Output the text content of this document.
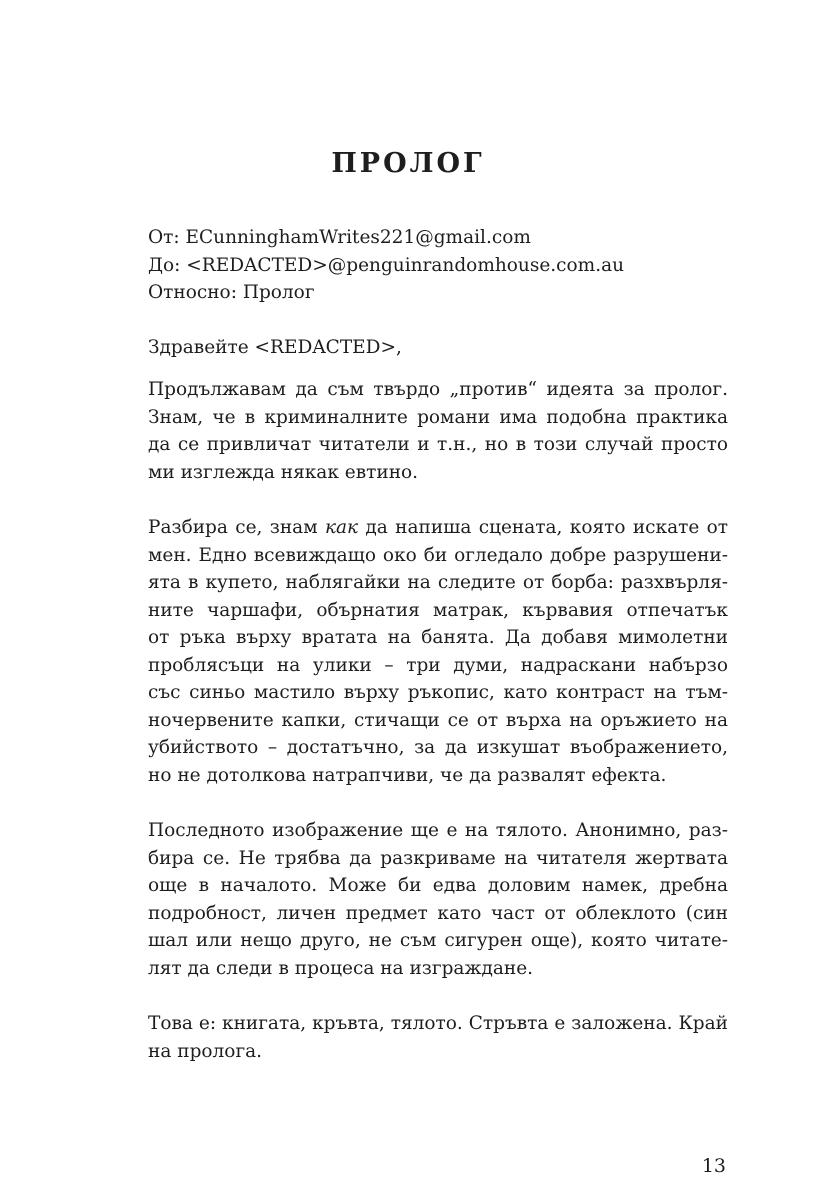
ПРОЛОГ
От: ECunninghamWrites221@gmail.com
До: <REDACTED>@penguinrandomhouse.com.au
Относно: Пролог
Здравейте <REDACTED>,
Продължавам да съм твърдо „против“ идеята за пролог.
Знам, че в криминалните романи има подобна практика
да се привличат читатели и т.н., но в този случай просто
ми изглежда някак евтино.
Разбира се, знам как да напиша сцената, която искате от
мен. Едно всевиждащо око би огледало добре разрушени-
ята в купето, наблягайки на следите от борба: разхвърля-
ните чаршафи, обърнатия матрак, кървавия отпечатък
от ръка върху вратата на банята. Да добавя мимолетни
проблясъци на улики – три думи, надраскани набързо
със синьо мастило върху ръкопис, като контраст на тъм-
ночервените капки, стичащи се от върха на оръжието на
убийството – достатъчно, за да изкушат въображението,
но не дотолкова натрапчиви, че да развалят ефекта.
Последното изображение ще е на тялото. Анонимно, раз-
бира се. Не трябва да разкриваме на читателя жертвата
още в началото. Може би едва доловим намек, дребна
подробност, личен предмет като част от облеклото (син
шал или нещо друго, не съм сигурен още), която читате-
лят да следи в процеса на изграждане.
Това е: книгата, кръвта, тялото. Стръвта е заложена. Край
на пролога.
13
